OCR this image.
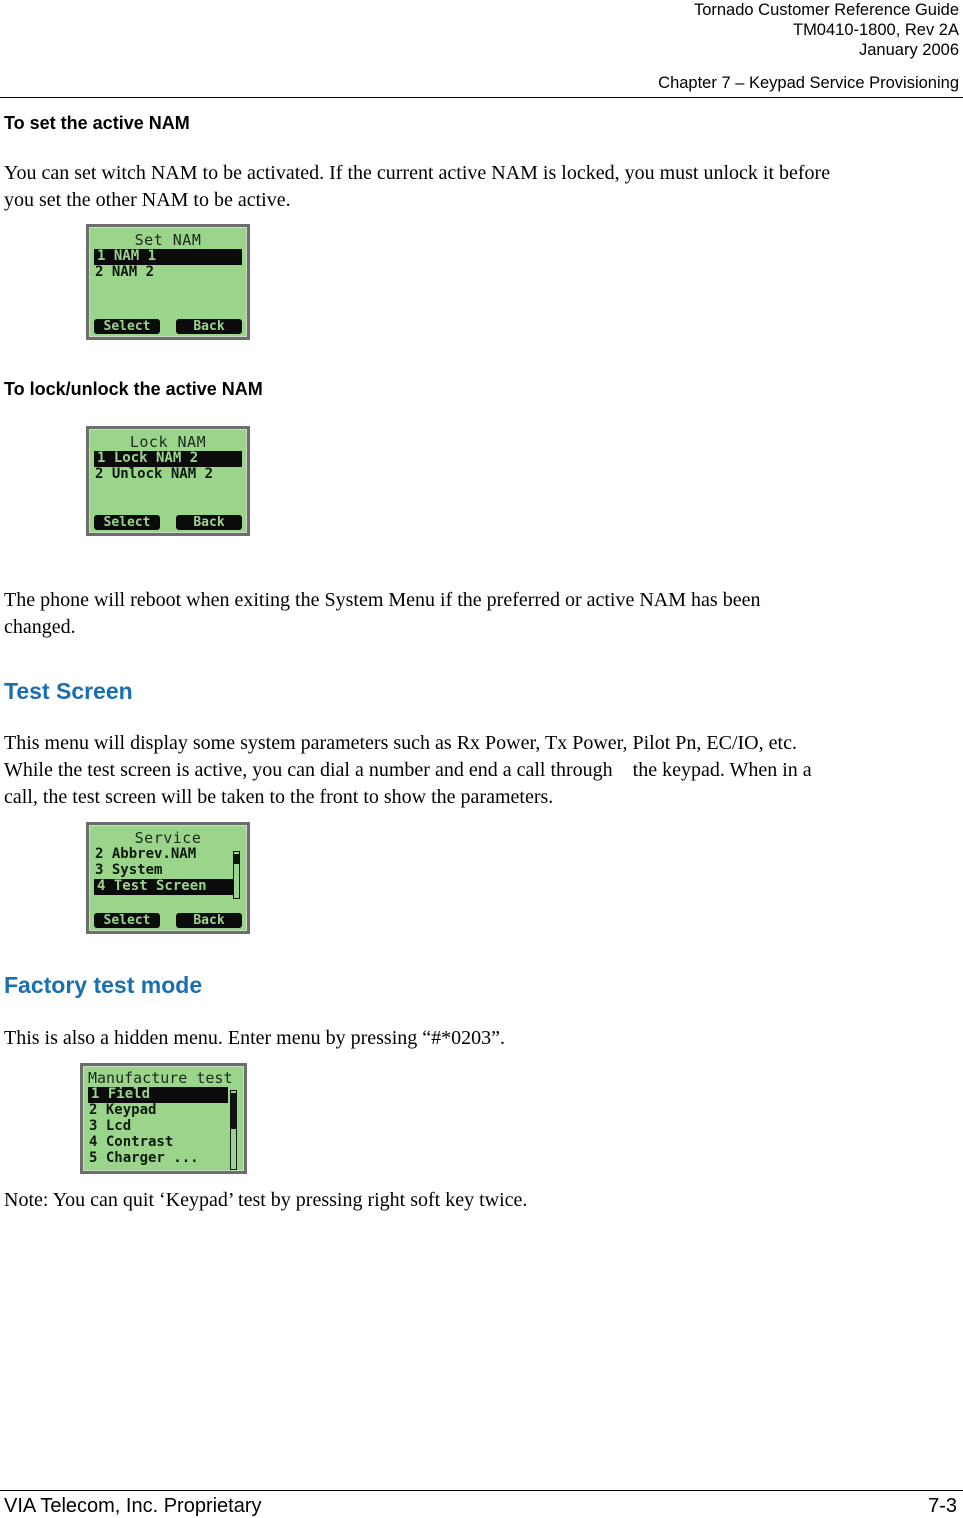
Tornado Customer Reference Guide
TM0410-1800, Rev 2A
January 2006
Chapter 7 – Keypad Service Provisioning
To set the active NAM
You can set witch NAM to be activated. If the current active NAM is locked, you must unlock it before
you set the other NAM to be active.
Set NAM
1 NAM 1
2 NAM 2
Select	Back
To lock/unlock the active NAM
Lock NAM
1 Lock NAM 2
2 Unlock NAM 2
Select	Back
The phone will reboot when exiting the System Menu if the preferred or active NAM has been
changed.
Test Screen
This menu will display some system parameters such as Rx Power, Tx Power, Pilot Pn, EC/IO, etc.
While the test screen is active, you can dial a number and end a call through    the keypad. When in a
call, the test screen will be taken to the front to show the parameters.
Service
2 Abbrev.NAM
3 System
4 Test Screen
Select	Back
Factory test mode
This is also a hidden menu. Enter menu by pressing “#*0203”.
Manufacture test
1 Field
2 Keypad
3 Lcd
4 Contrast
5 Charger ...
Note: You can quit ‘Keypad’ test by pressing right soft key twice.
VIA Telecom, Inc. Proprietary	7-3
